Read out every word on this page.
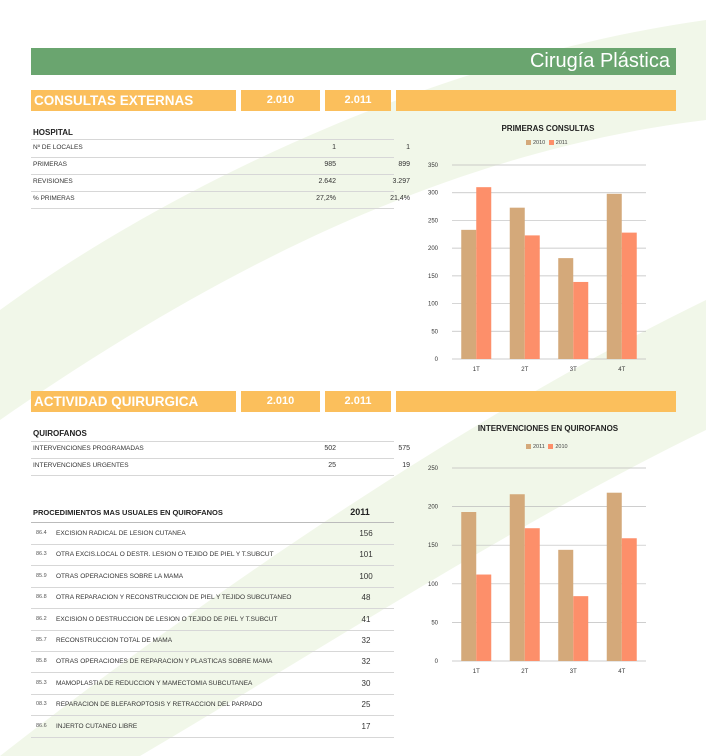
Cirugía Plástica
CONSULTAS EXTERNAS	2.010	2.011
HOSPITAL
Nº DE LOCALES	1	1
PRIMERAS	985	899
REVISIONES	2.642	3.297
% PRIMERAS	27,2%	21,4%
ACTIVIDAD QUIRURGICA	2.010	2.011
QUIROFANOS
INTERVENCIONES PROGRAMADAS	502	575
INTERVENCIONES URGENTES	25	19
PROCEDIMIENTOS MAS USUALES EN QUIROFANOS	2011
86.4 EXCISION RADICAL DE LESION CUTANEA	156
86.3 OTRA EXCIS.LOCAL O DESTR. LESION O TEJIDO DE PIEL Y T.SUBCUT	101
85.9 OTRAS OPERACIONES SOBRE LA MAMA	100
86.8 OTRA REPARACION Y RECONSTRUCCION DE PIEL Y TEJIDO SUBCUTANEO	48
86.2 EXCISION O DESTRUCCION DE LESION O TEJIDO DE PIEL Y T.SUBCUT	41
85.7 RECONSTRUCCION TOTAL DE MAMA	32
85.8 OTRAS OPERACIONES DE REPARACION Y PLASTICAS SOBRE MAMA	32
85.3 MAMOPLASTIA DE REDUCCION Y MAMECTOMIA SUBCUTANEA	30
08.3 REPARACION DE BLEFAROPTOSIS Y RETRACCION DEL PARPADO	25
86.6 INJERTO CUTANEO LIBRE	17
PRIMERAS CONSULTAS
2010 2011
0
50
100
150
200
250
300
350
1T	2T	3T	4T
INTERVENCIONES EN QUIROFANOS
2011 2010
0
50
100
150
200
250
1T	2T	3T	4T
